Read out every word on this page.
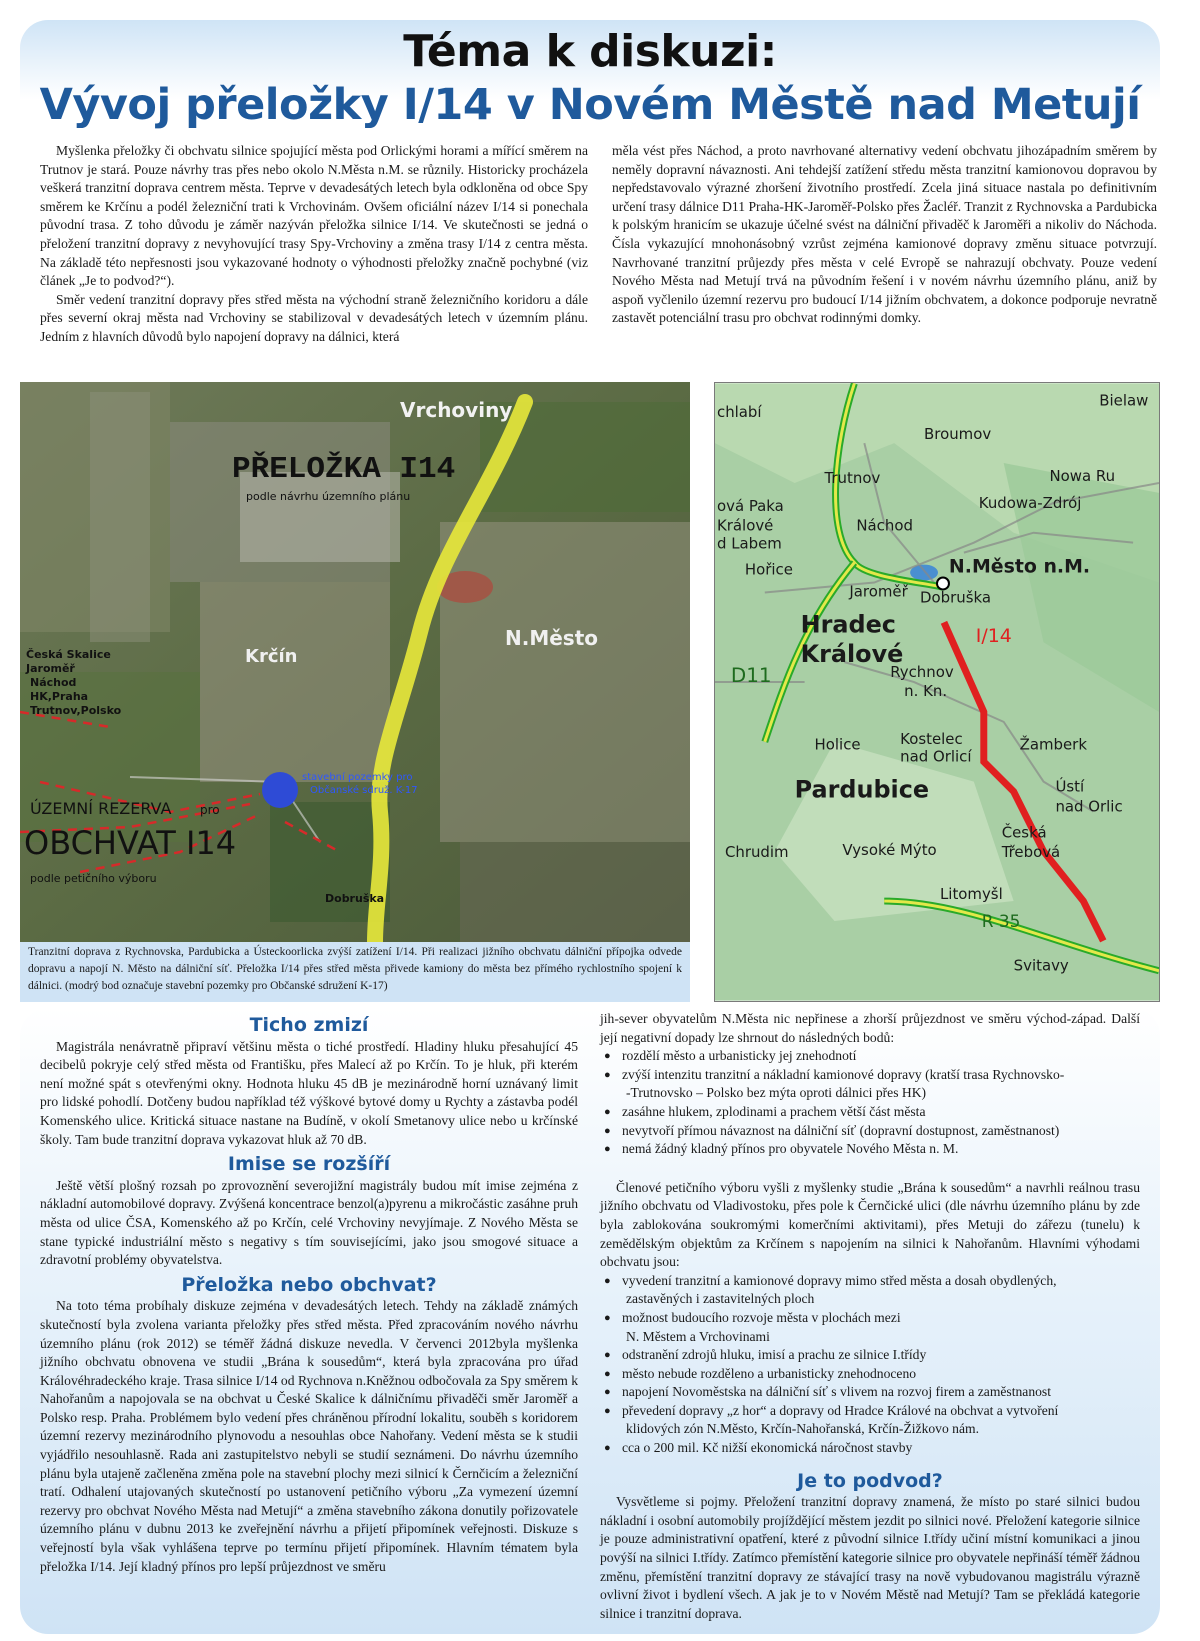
Téma k diskuzi:
Vývoj přeložky I/14 v Novém Městě nad Metují

Myšlenka přeložky či obchvatu silnice spojující města pod Orlickými horami a mířící směrem na Trutnov je stará. Pouze návrhy tras přes nebo okolo N.Města n.M. se různily. Historicky procházela veškerá tranzitní doprava centrem města. Teprve v devadesátých letech byla odkloněna od obce Spy směrem ke Krčínu a podél železniční trati k Vrchovinám. Ovšem oficiální název I/14 si ponechala původní trasa. Z toho důvodu je záměr nazýván přeložka silnice I/14. Ve skutečnosti se jedná o přeložení tranzitní dopravy z nevyhovující trasy Spy-Vrchoviny a změna trasy I/14 z centra města. Na základě této nepřesnosti jsou vykazované hodnoty o výhodnosti přeložky značně pochybné (viz článek „Je to podvod?“).

Směr vedení tranzitní dopravy přes střed města na východní straně železničního koridoru a dále přes severní okraj města nad Vrchoviny se stabilizoval v devadesátých letech v územním plánu. Jedním z hlavních důvodů bylo napojení dopravy na dálnici, která

měla vést přes Náchod, a proto navrhované alternativy vedení obchvatu jihozápadním směrem by neměly dopravní návaznosti. Ani tehdejší zatížení středu města tranzitní kamionovou dopravou by nepředstavovalo výrazné zhoršení životního prostředí. Zcela jiná situace nastala po definitivním určení trasy dálnice D11 Praha-HK-Jaroměř-Polsko přes Žacléř. Tranzit z Rychnovska a Pardubicka k polským hranicím se ukazuje účelné svést na dálniční přivaděč k Jaroměři a nikoliv do Náchoda. Čísla vykazující mnohonásobný vzrůst zejména kamionové dopravy změnu situace potvrzují. Navrhované tranzitní průjezdy přes města v celé Evropě se nahrazují obchvaty. Pouze vedení Nového Města nad Metují trvá na původním řešení i v novém návrhu územního plánu, aniž by aspoň vyčlenilo územní rezervu pro budoucí I/14 jižním obchvatem, a dokonce podporuje nevratně zastavět potenciální trasu pro obchvat rodinnými domky.

Vrchoviny
PŘELOŽKA I14
podle návrhu územního plánu
Krčín
N.Město
Česká Skalice
Jaroměř
Náchod
HK,Praha
Trutnov,Polsko
stavební pozemky pro
Občanské sdruž. K-17
ÚZEMNÍ REZERVA pro
OBCHVAT I14
podle petičního výboru
Dobruška
Tranzitní doprava z Rychnovska, Pardubicka a Ústeckoorlicka zvýší zatížení I/14. Při realizaci jižního obchvatu dálniční přípojka odvede dopravu a napojí N. Město na dálniční síť. Přeložka I/14 přes střed města přivede kamiony do města bez přímého rychlostního spojení k dálnici. (modrý bod označuje stavební pozemky pro Občanské sdružení K-17)
chlabí
Bielaw
Broumov
Nowa Ru
Trutnov
Kudowa-Zdrój
ová Paka
Králové
d Labem
Náchod
Hořice	N.Město n.M.
Jaroměř Dobruška
Hradec
Králové
I/14
D11	Rychnov
n. Kn.
Holice	Kostelec
nad Orlicí
Žamberk
Pardubice	Ústí
nad Orlic
Česká
Třebová
Chrudim	Vysoké Mýto
Litomyšl
R 35
Svitavy
Ticho zmizí

Magistrála nenávratně připraví většinu města o tiché prostředí. Hladiny hluku přesahující 45 decibelů pokryje celý střed města od Františku, přes Malecí až po Krčín. To je hluk, při kterém není možné spát s otevřenými okny. Hodnota hluku 45 dB je mezinárodně horní uznávaný limit pro lidské pohodlí. Dotčeny budou například též výškové bytové domy u Rychty a zástavba podél Komenského ulice. Kritická situace nastane na Budíně, v okolí Smetanovy ulice nebo u krčínské školy. Tam bude tranzitní doprava vykazovat hluk až 70 dB.

Imise se rozšíří

Ještě větší plošný rozsah po zprovoznění severojižní magistrály budou mít imise zejména z nákladní automobilové dopravy. Zvýšená koncentrace benzol(a)pyrenu a mikročástic zasáhne pruh města od ulice ČSA, Komenského až po Krčín, celé Vrchoviny nevyjímaje. Z Nového Města se stane typické industriální město s negativy s tím souvisejícími, jako jsou smogové situace a zdravotní problémy obyvatelstva.

Přeložka nebo obchvat?

Na toto téma probíhaly diskuze zejména v devadesátých letech. Tehdy na základě známých skutečností byla zvolena varianta přeložky přes střed města. Před zpracováním nového návrhu územního plánu (rok 2012) se téměř žádná diskuze nevedla. V červenci 2012byla myšlenka jižního obchvatu obnovena ve studii „Brána k sousedům“, která byla zpracována pro úřad Královéhradeckého kraje. Trasa silnice I/14 od Rychnova n.Kněžnou odbočovala za Spy směrem k Nahořanům a napojovala se na obchvat u České Skalice k dálničnímu přivaděči směr Jaroměř a Polsko resp. Praha. Problémem bylo vedení přes chráněnou přírodní lokalitu, souběh s koridorem územní rezervy mezinárodního plynovodu a nesouhlas obce Nahořany. Vedení města se k studii vyjádřilo nesouhlasně. Rada ani zastupitelstvo nebyli se studií seznámeni. Do návrhu územního plánu byla utajeně začleněna změna pole na stavební plochy mezi silnicí k Černčicím a železniční tratí. Odhalení utajovaných skutečností po ustanovení petičního výboru „Za vymezení územní rezervy pro obchvat Nového Města nad Metují“ a změna stavebního zákona donutily pořizovatele územního plánu v dubnu 2013 ke zveřejnění návrhu a přijetí připomínek veřejnosti. Diskuze s veřejností byla však vyhlášena teprve po termínu přijetí připomínek. Hlavním tématem byla přeložka I/14. Její kladný přínos pro lepší průjezdnost ve směru

jih-sever obyvatelům N.Města nic nepřinese a zhorší průjezdnost ve směru východ-západ. Další její negativní dopady lze shrnout do následných bodů:

● rozdělí město a urbanisticky jej znehodnotí
● zvýší intenzitu tranzitní a nákladní kamionové dopravy (kratší trasa Rychnovsko-
-Trutnovsko – Polsko bez mýta oproti dálnici přes HK)
● zasáhne hlukem, zplodinami a prachem větší část města
● nevytvoří přímou návaznost na dálniční síť (dopravní dostupnost, zaměstnanost)
● nemá žádný kladný přínos pro obyvatele Nového Města n. M.

Členové petičního výboru vyšli z myšlenky studie „Brána k sousedům“ a navrhli reálnou trasu jižního obchvatu od Vladivostoku, přes pole k Černčické ulici (dle návrhu územního plánu by zde byla zablokována soukromými komerčními aktivitami), přes Metuji do zářezu (tunelu) k zemědělským objektům za Krčínem s napojením na silnici k Nahořanům. Hlavními výhodami obchvatu jsou:

● vyvedení tranzitní a kamionové dopravy mimo střed města a dosah obydlených,
zastavěných i zastavitelných ploch
● možnost budoucího rozvoje města v plochách mezi
N. Městem a Vrchovinami
● odstranění zdrojů hluku, imisí a prachu ze silnice I.třídy
● město nebude rozděleno a urbanisticky znehodnoceno
● napojení Novoměstska na dálniční síť s vlivem na rozvoj firem a zaměstnanost
● převedení dopravy „z hor“ a dopravy od Hradce Králové na obchvat a vytvoření
klidových zón N.Město, Krčín-Nahořanská, Krčín-Žižkovo nám.
● cca o 200 mil. Kč nižší ekonomická náročnost stavby
Je to podvod?

Vysvětleme si pojmy. Přeložení tranzitní dopravy znamená, že místo po staré silnici budou nákladní i osobní automobily projíždějící městem jezdit po silnici nové. Přeložení kategorie silnice je pouze administrativní opatření, které z původní silnice I.třídy učiní místní komunikaci a jinou povýší na silnici I.třídy. Zatímco přemístění kategorie silnice pro obyvatele nepřináší téměř žádnou změnu, přemístění tranzitní dopravy ze stávající trasy na nově vybudovanou magistrálu výrazně ovlivní život i bydlení všech. A jak je to v Novém Městě nad Metují? Tam se překládá kategorie silnice i tranzitní doprava.
